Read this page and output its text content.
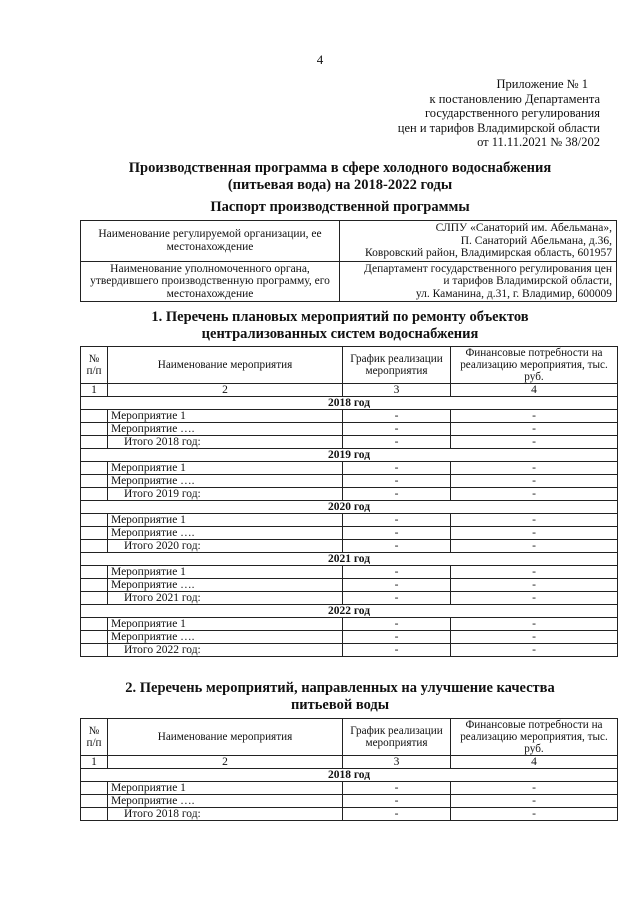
4
Приложение № 1
к постановлению Департамента
государственного регулирования
цен и тарифов Владимирской области
от 11.11.2021 № 38/202
Производственная программа в сфере холодного водоснабжения
(питьевая вода) на 2018-2022 годы
Паспорт производственной программы
Наименование регулируемой организации, ее местонахождение	СЛПУ «Санаторий им. Абельмана»,
П. Санаторий Абельмана, д.36,
Ковровский район, Владимирская область, 601957

Наименование уполномоченного органа, утвердившего производственную программу, его местонахождение	Департамент государственного регулирования цен
и тарифов Владимирской области,
ул. Каманина, д.31, г. Владимир, 600009
1. Перечень плановых мероприятий по ремонту объектов
централизованных систем водоснабжения
№ п/п	Наименование мероприятия	График реализации мероприятия	Финансовые потребности на реализацию мероприятия, тыс. руб.
1	2	3	4
2018 год			
	Мероприятие 1	-	-
	Мероприятие ….	-	-
	Итого 2018 год:	-	-
2019 год			
	Мероприятие 1	-	-
	Мероприятие ….	-	-
	Итого 2019 год:	-	-
2020 год			
	Мероприятие 1	-	-
	Мероприятие ….	-	-
	Итого 2020 год:	-	-
2021 год			
	Мероприятие 1	-	-
	Мероприятие ….	-	-
	Итого 2021 год:	-	-
2022 год			
	Мероприятие 1	-	-
	Мероприятие ….	-	-
	Итого 2022 год:	-	-
2. Перечень мероприятий, направленных на улучшение качества
питьевой воды
№ п/п	Наименование мероприятия	График реализации мероприятия	Финансовые потребности на реализацию мероприятия, тыс. руб.
1	2	3	4
2018 год			
	Мероприятие 1	-	-
	Мероприятие ….	-	-
	Итого 2018 год:	-	-
